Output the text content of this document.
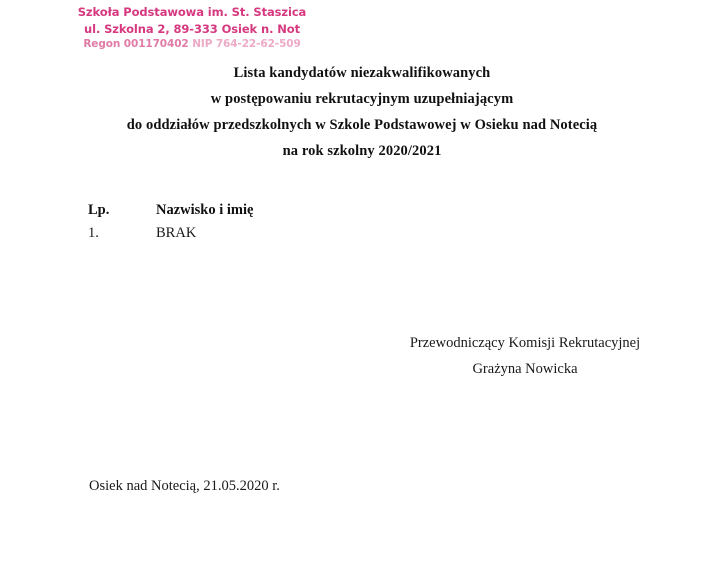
Szkoła Podstawowa im. St. Staszica
ul. Szkolna 2, 89-333 Osiek n. Not
Regon 001170402 NIP 764-22-62-509
Lista kandydatów niezakwalifikowanych
w postępowaniu rekrutacyjnym uzupełniającym
do oddziałów przedszkolnych w Szkole Podstawowej w Osieku nad Notecią
na rok szkolny 2020/2021
Lp.	Nazwisko i imię
1.	BRAK
Przewodniczący Komisji Rekrutacyjnej
Grażyna Nowicka
Osiek nad Notecią, 21.05.2020 r.
